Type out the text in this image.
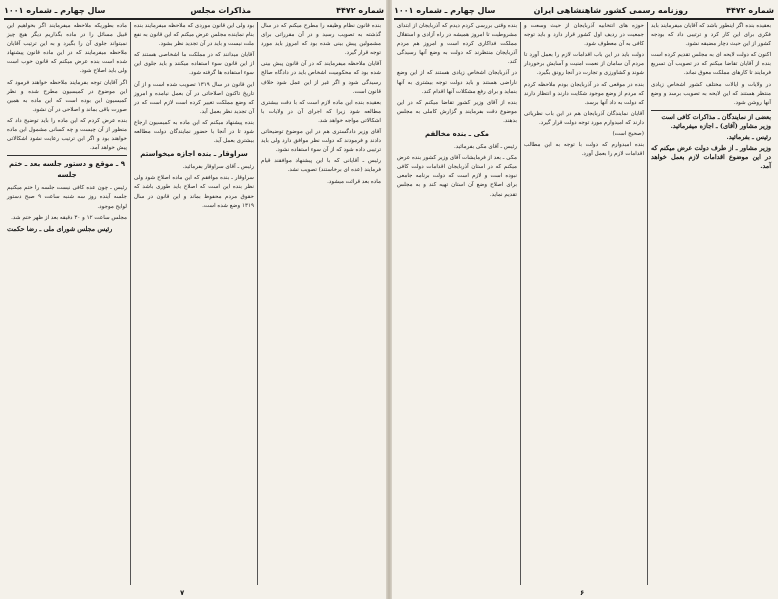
شماره ۴۴۷۲
مذاکرات مجلس
سال چهارم ـ شماره ۱۰۰۱

بنده قانون نظام وظیفه را مطرح میکنم که در سال گذشته به تصویب رسید و در آن مقرراتی برای مشمولین پیش بینی شده بود که امروز باید مورد توجه قرار گیرد.

آقایان ملاحظه میفرمایند که در آن قانون پیش بینی شده بود که محکومیت اشخاص باید در دادگاه صالح رسیدگی شود و اگر غیر از این عمل شود خلاف قانون است.

بعقیده بنده این ماده لازم است که با دقت بیشتری مطالعه شود زیرا که اجرای آن در ولایات با اشکالاتی مواجه خواهد شد.

آقای وزیر دادگستری هم در این موضوع توضیحاتی دادند و فرمودند که دولت نظر موافق دارد ولی باید ترتیبی داده شود که از آن سوء استفاده نشود.

رئیس ـ آقایانی که با این پیشنهاد موافقند قیام فرمایند (عده ای برخاستند) تصویب نشد.

ماده بعد قرائت میشود.

بود ولی این قانون موردی که ملاحظه میفرمایند بنده بنام نماینده مجلس عرض میکنم که این قانون به نفع ملت نیست و باید در آن تجدید نظر بشود.

آقایان میدانند که در مملکت ما اشخاصی هستند که از این قانون سوء استفاده میکنند و باید جلوی این سوء استفاده ها گرفته شود.

این قانون در سال ۱۳۱۹ تصویب شده است و از آن تاریخ تاکنون اصلاحاتی در آن بعمل نیامده و امروز که وضع مملکت تغییر کرده است لازم است که در آن تجدید نظر بعمل آید.

بنده پیشنهاد میکنم که این ماده به کمیسیون ارجاع شود تا در آنجا با حضور نمایندگان دولت مطالعه بیشتری بعمل آید.

سراوقار ـ بنده اجازه میخواستم

رئیس ـ آقای سراوقار بفرمائید.

سراوقار ـ بنده موافقم که این ماده اصلاح شود ولی نظر بنده این است که اصلاح باید طوری باشد که حقوق مردم محفوظ بماند و این قانون در سال ۱۳۱۹ وضع شده است.

ماده بطوریکه ملاحظه میفرمایند اگر بخواهیم این قبیل مسائل را در ماده بگذاریم دیگر هیچ چیز نمیتواند جلوی آن را بگیرد و به این ترتیب آقایان ملاحظه میفرمایند که در این ماده قانون پیشنهاد شده است بنده عرض میکنم که قانون خوب است ولی باید اصلاح شود.

اگر آقایان توجه بفرمایند ملاحظه خواهند فرمود که این موضوع در کمیسیون مطرح شده و نظر کمیسیون این بوده است که این ماده به همین صورت باقی بماند و اصلاحی در آن نشود.

بنده عرض کردم که این ماده را باید توضیح داد که منظور از آن چیست و چه کسانی مشمول این ماده خواهند بود و اگر این ترتیب رعایت نشود اشکالاتی پیش خواهد آمد.

۹ ـ موقع و دستور جلسه بعد ـ ختم جلسه

رئیس ـ چون عده کافی نیست جلسه را ختم میکنیم جلسه آینده روز سه شنبه ساعت ۹ صبح دستور لوایح موجود.

مجلس ساعت ۱۲ و ۳۰ دقیقه بعد از ظهر ختم شد.

رئیس مجلس شورای ملی ـ رضا حکمت
۷
شماره ۴۴۷۲
روزنامه رسمی کشور شاهنشاهی ایران
سال چهارم ـ شماره ۱۰۰۱

بعقیده بنده اگر اینطور باشد که آقایان میفرمایند باید فکری برای این کار کرد و ترتیبی داد که بودجه کشور از این حیث دچار مضیقه نشود.

اکنون که دولت لایحه ای به مجلس تقدیم کرده است بنده از آقایان تقاضا میکنم که در تصویب آن تسریع فرمایند تا کارهای مملکت معوق نماند.

در ولایات و ایالات مختلف کشور اشخاص زیادی منتظر هستند که این لایحه به تصویب برسد و وضع آنها روشن شود.

بعضی از نمایندگان ـ مذاکرات کافی است

وزیر مشاور (آقای) ـ اجازه میفرمائید.

رئیس ـ بفرمائید.

وزیر مشاور ـ از طرف دولت عرض میکنم که در این موضوع اقدامات لازم بعمل خواهد آمد.

حوزه های انتخابیه آذربایجان از حیث وسعت و جمعیت در ردیف اول کشور قرار دارد و باید توجه کافی به آن معطوف شود.

دولت باید در این باب اقدامات لازم را بعمل آورد تا مردم آن سامان از نعمت امنیت و آسایش برخوردار شوند و کشاورزی و تجارت در آنجا رونق بگیرد.

بنده در موقعی که در آذربایجان بودم ملاحظه کردم که مردم از وضع موجود شکایت دارند و انتظار دارند که دولت به داد آنها برسد.

آقایان نمایندگان آذربایجان هم در این باب نظریاتی دارند که امیدوارم مورد توجه دولت قرار گیرد.

(صحیح است)

بنده امیدوارم که دولت با توجه به این مطالب اقدامات لازم را بعمل آورد.

بنده وقتی بررسی کردم دیدم که آذربایجان از ابتدای مشروطیت تا امروز همیشه در راه آزادی و استقلال مملکت فداکاری کرده است و امروز هم مردم آذربایجان منتظرند که دولت به وضع آنها رسیدگی کند.

در آذربایجان اشخاص زیادی هستند که از این وضع ناراضی هستند و باید دولت توجه بیشتری به آنها بنماید و برای رفع مشکلات آنها اقدام کند.

بنده از آقای وزیر کشور تقاضا میکنم که در این موضوع دقت بفرمایند و گزارش کاملی به مجلس بدهند.

مکی ـ بنده مخالفم

رئیس ـ آقای مکی بفرمائید.

مکی ـ بعد از فرمایشات آقای وزیر کشور بنده عرض میکنم که در استان آذربایجان اقدامات دولت کافی نبوده است و لازم است که دولت برنامه جامعی برای اصلاح وضع آن استان تهیه کند و به مجلس تقدیم نماید.

۶
